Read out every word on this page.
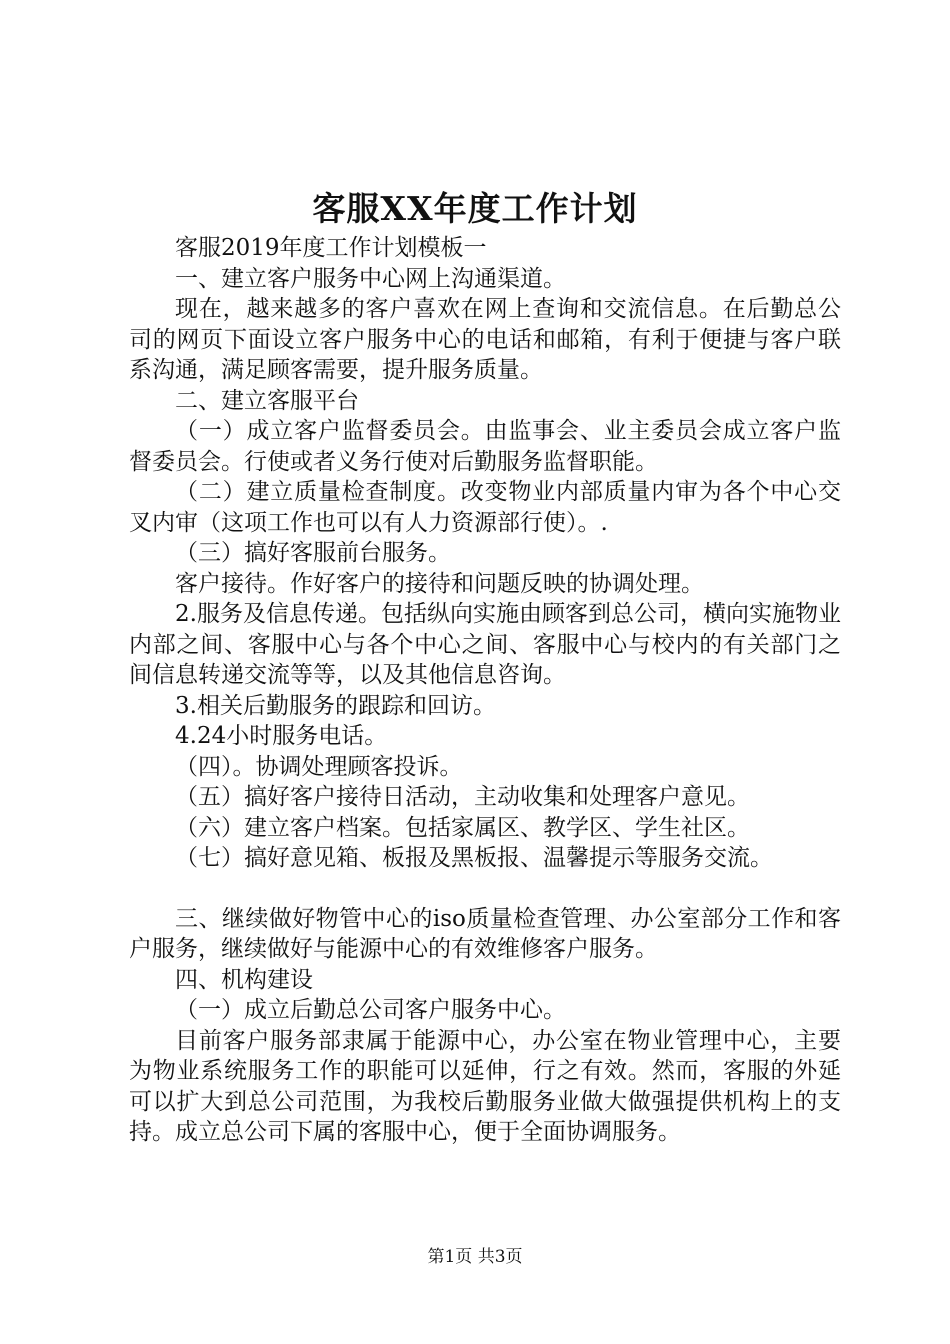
客服XX年度工作计划

客服2019年度工作计划模板一

一、建立客户服务中心网上沟通渠道。

现在，越来越多的客户喜欢在网上查询和交流信息。在后勤总公司的网页下面设立客户服务中心的电话和邮箱，有利于便捷与客户联系沟通，满足顾客需要，提升服务质量。

二、建立客服平台

（一）成立客户监督委员会。由监事会、业主委员会成立客户监督委员会。行使或者义务行使对后勤服务监督职能。

（二）建立质量检查制度。改变物业内部质量内审为各个中心交叉内审（这项工作也可以有人力资源部行使）。.

（三）搞好客服前台服务。

客户接待。作好客户的接待和问题反映的协调处理。

2.服务及信息传递。包括纵向实施由顾客到总公司，横向实施物业内部之间、客服中心与各个中心之间、客服中心与校内的有关部门之间信息转递交流等等，以及其他信息咨询。

3.相关后勤服务的跟踪和回访。

4.24小时服务电话。

（四）。协调处理顾客投诉。

（五）搞好客户接待日活动，主动收集和处理客户意见。

（六）建立客户档案。包括家属区、教学区、学生社区。

（七）搞好意见箱、板报及黑板报、温馨提示等服务交流。

三、继续做好物管中心的iso质量检查管理、办公室部分工作和客户服务，继续做好与能源中心的有效维修客户服务。

四、机构建设

（一）成立后勤总公司客户服务中心。

目前客户服务部隶属于能源中心，办公室在物业管理中心，主要为物业系统服务工作的职能可以延伸，行之有效。然而，客服的外延可以扩大到总公司范围，为我校后勤服务业做大做强提供机构上的支持。成立总公司下属的客服中心，便于全面协调服务。

第1页 共3页
